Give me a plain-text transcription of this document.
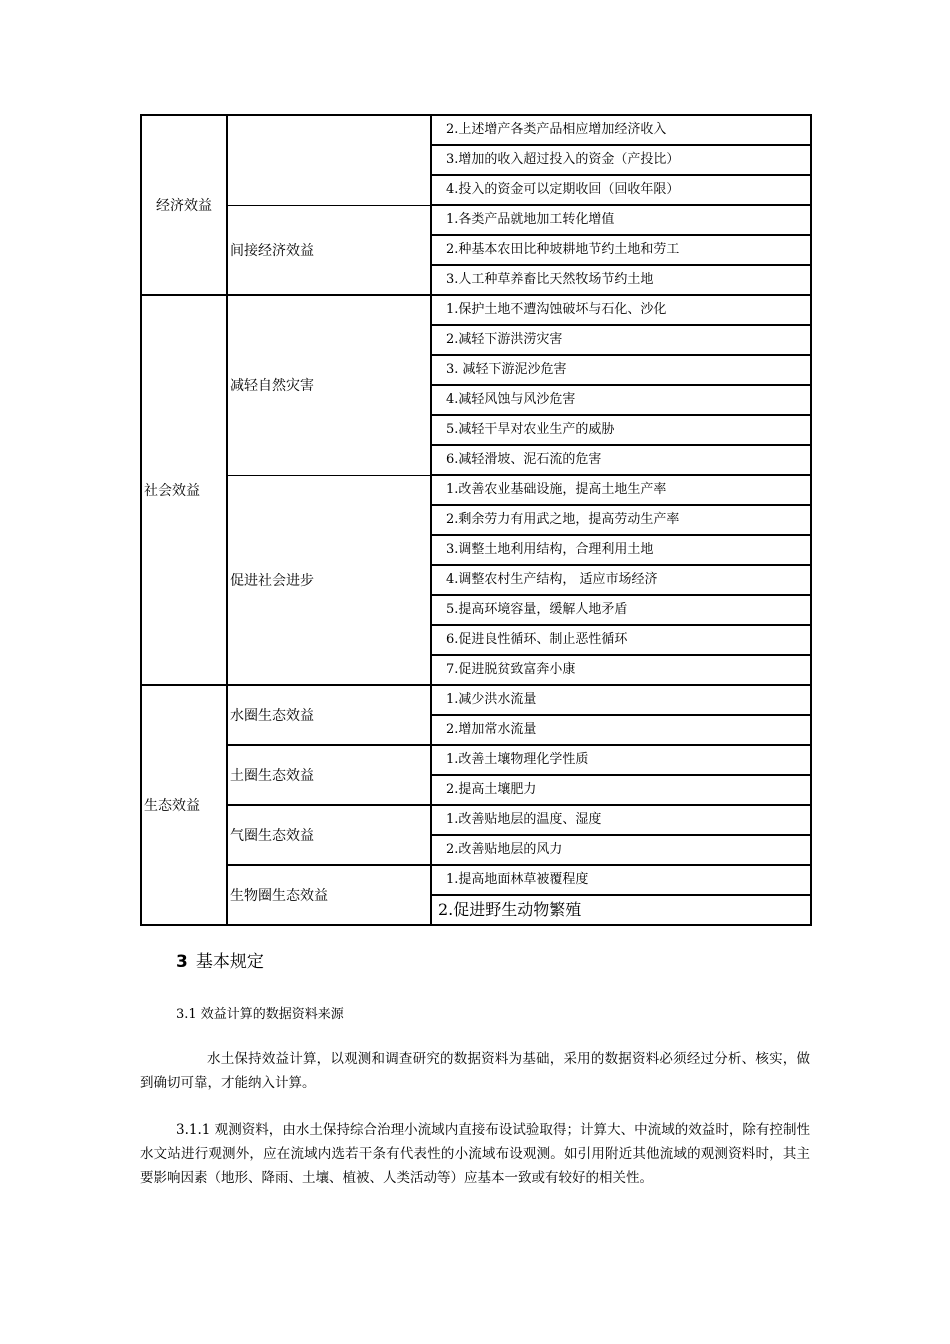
经济效益		2.上述增产各类产品相应增加经济收入
		3.增加的收入超过投入的资金（产投比）
		4.投入的资金可以定期收回（回收年限）
	间接经济效益	1.各类产品就地加工转化增值
		2.种基本农田比种坡耕地节约土地和劳工
		3.人工种草养畜比天然牧场节约土地
社会效益	减轻自然灾害	1.保护土地不遭沟蚀破坏与石化、沙化
		2.减轻下游洪涝灾害
		3. 减轻下游泥沙危害
		4.减轻风蚀与风沙危害
		5.减轻干旱对农业生产的威胁
		6.减轻滑坡、泥石流的危害
	促进社会进步	1.改善农业基础设施，提高土地生产率
		2.剩余劳力有用武之地，提高劳动生产率
		3.调整土地利用结构，合理利用土地
		4.调整农村生产结构， 适应市场经济
		5.提高环境容量，缓解人地矛盾
		6.促进良性循环、制止恶性循环
		7.促进脱贫致富奔小康
生态效益	水圈生态效益	1.减少洪水流量
		2.增加常水流量
	土圈生态效益	1.改善土壤物理化学性质
		2.提高土壤肥力
	气圈生态效益	1.改善贴地层的温度、湿度
		2.改善贴地层的风力
	生物圈生态效益	1.提高地面林草被覆程度
		2.促进野生动物繁殖
3 基本规定
3.1 效益计算的数据资料来源
水土保持效益计算，以观测和调查研究的数据资料为基础，采用的数据资料必须经过分析、核实，做到确切可靠，才能纳入计算。
3.1.1 观测资料，由水土保持综合治理小流域内直接布设试验取得；计算大、中流域的效益时，除有控制性水文站进行观测外，应在流域内选若干条有代表性的小流域布设观测。如引用附近其他流域的观测资料时，其主要影响因素（地形、降雨、土壤、植被、人类活动等）应基本一致或有较好的相关性。
